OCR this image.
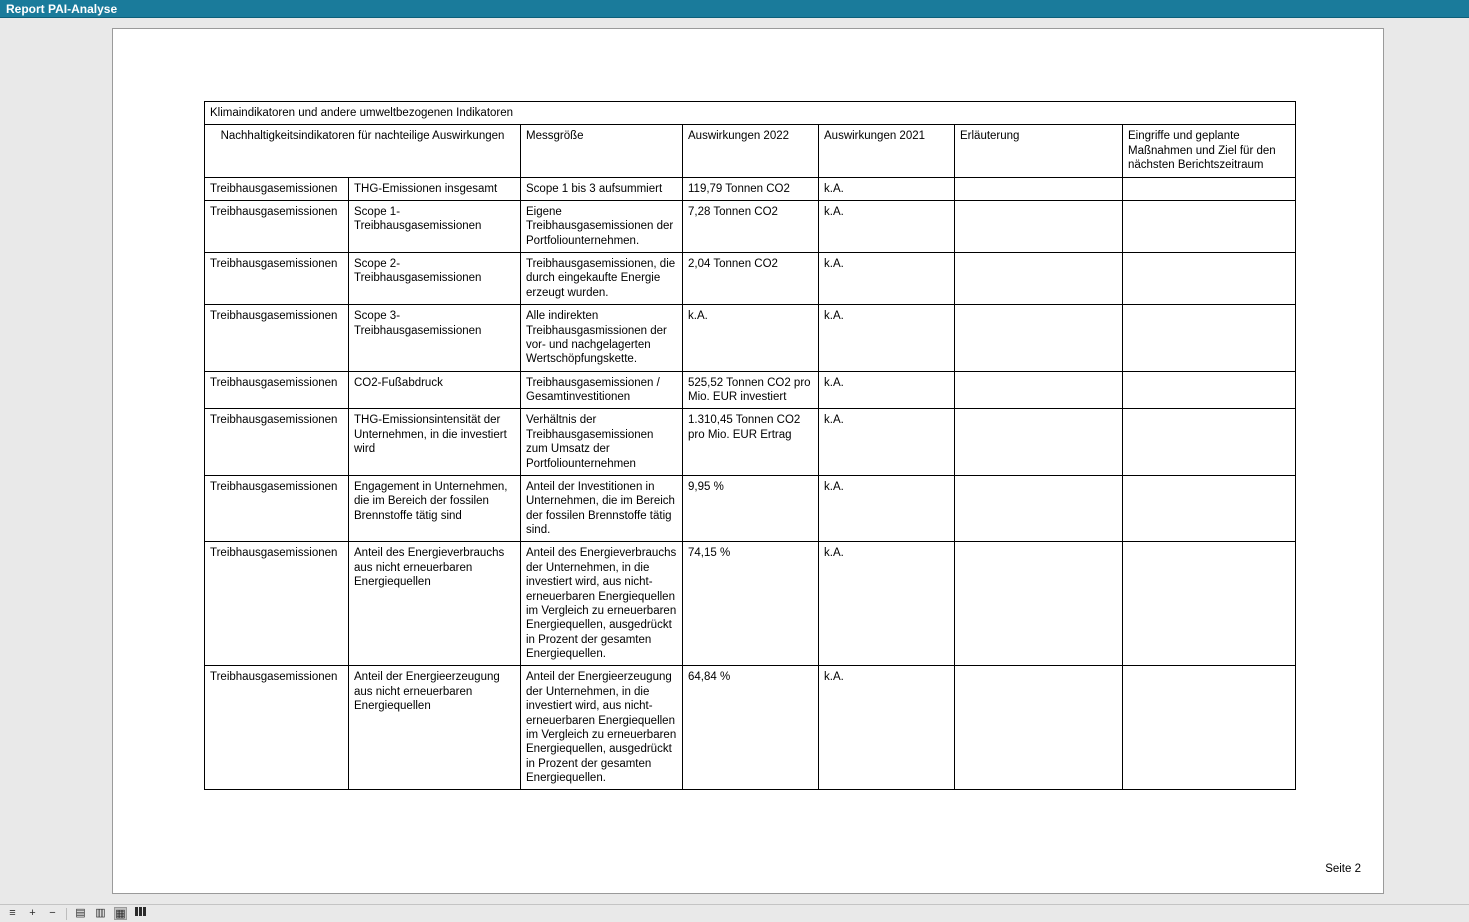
Report PAI-Analyse
Klimaindikatoren und andere umweltbezogenen Indikatoren						
Nachhaltigkeitsindikatoren für nachteilige Auswirkungen		Messgröße	Auswirkungen 2022	Auswirkungen 2021	Erläuterung	Eingriffe und geplante Maßnahmen und Ziel für den nächsten Berichtszeitraum
Treibhausgasemissionen	THG-Emissionen insgesamt	Scope 1 bis 3 aufsummiert	119,79 Tonnen CO2	k.A.		
Treibhausgasemissionen	Scope 1-Treibhausgasemissionen	Eigene Treibhausgasemissionen der Portfoliounternehmen.	7,28 Tonnen CO2	k.A.		
Treibhausgasemissionen	Scope 2-Treibhausgasemissionen	Treibhausgasemissionen, die durch eingekaufte Energie erzeugt wurden.	2,04 Tonnen CO2	k.A.		
Treibhausgasemissionen	Scope 3-Treibhausgasemissionen	Alle indirekten Treibhausgasmissionen der vor- und nachgelagerten Wertschöpfungskette.	k.A.	k.A.		
Treibhausgasemissionen	CO2-Fußabdruck	Treibhausgasemissionen / Gesamtinvestitionen	525,52 Tonnen CO2 pro Mio. EUR investiert	k.A.		
Treibhausgasemissionen	THG-Emissionsintensität der Unternehmen, in die investiert wird	Verhältnis der Treibhausgasemissionen zum Umsatz der Portfoliounternehmen	1.310,45 Tonnen CO2 pro Mio. EUR Ertrag	k.A.		
Treibhausgasemissionen	Engagement in Unternehmen, die im Bereich der fossilen Brennstoffe tätig sind	Anteil der Investitionen in Unternehmen, die im Bereich der fossilen Brennstoffe tätig sind.	9,95 %	k.A.		
Treibhausgasemissionen	Anteil des Energieverbrauchs aus nicht erneuerbaren Energiequellen	Anteil des Energieverbrauchs der Unternehmen, in die investiert wird, aus nicht-erneuerbaren Energiequellen im Vergleich zu erneuerbaren Energiequellen, ausgedrückt in Prozent der gesamten Energiequellen.	74,15 %	k.A.		
Treibhausgasemissionen	Anteil der Energieerzeugung aus nicht erneuerbaren Energiequellen	Anteil der Energieerzeugung der Unternehmen, in die investiert wird, aus nicht-erneuerbaren Energiequellen im Vergleich zu erneuerbaren Energiequellen, ausgedrückt in Prozent der gesamten Energiequellen.	64,84 %	k.A.		
Seite 2
≡ + − ▤ ▥ ▦
